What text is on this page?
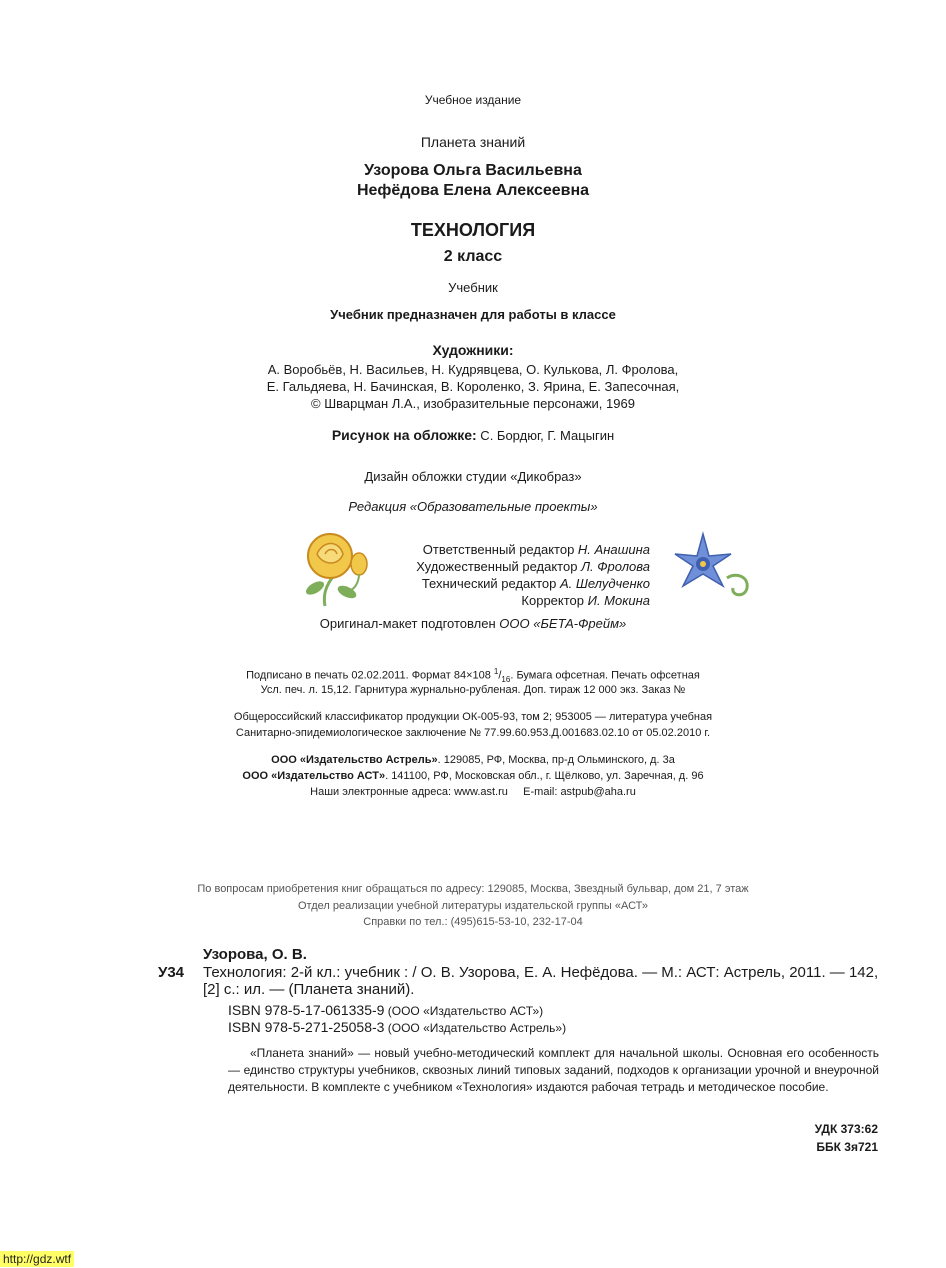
Учебное издание
Планета знаний
Узорова Ольга Васильевна
Нефёдова Елена Алексеевна
ТЕХНОЛОГИЯ
2 класс
Учебник
Учебник предназначен для работы в классе
Художники:
А. Воробьёв, Н. Васильев, Н. Кудрявцева, О. Кулькова, Л. Фролова,
Е. Гальдяева, Н. Бачинская, В. Короленко, З. Ярина, Е. Запесочная,
© Шварцман Л.А., изобразительные персонажи, 1969
Рисунок на обложке: С. Бордюг, Г. Мацыгин
Дизайн обложки студии «Дикобраз»
Редакция «Образовательные проекты»
Ответственный редактор Н. Анашина
Художественный редактор Л. Фролова
Технический редактор А. Шелудченко
Корректор И. Мокина
Оригинал-макет подготовлен ООО «БЕТА-Фрейм»
Подписано в печать 02.02.2011. Формат 84×108 $^1/_{16}$. Бумага офсетная. Печать офсетная
Усл. печ. л. 15,12. Гарнитура журнально-рубленая. Доп. тираж 12 000 экз. Заказ №
Общероссийский классификатор продукции ОК-005-93, том 2; 953005 — литература учебная
Санитарно-эпидемиологическое заключение № 77.99.60.953.Д.001683.02.10 от 05.02.2010 г.
ООО «Издательство Астрель». 129085, РФ, Москва, пр-д Ольминского, д. 3а
ООО «Издательство АСТ». 141100, РФ, Московская обл., г. Щёлково, ул. Заречная, д. 96
Наши электронные адреса: www.ast.ru     E-mail: astpub@aha.ru
По вопросам приобретения книг обращаться по адресу: 129085, Москва, Звездный бульвар, дом 21, 7 этаж
Отдел реализации учебной литературы издательской группы «АСТ»
Справки по тел.: (495)615-53-10, 232-17-04
Узорова, О. В.
У34 Технология: 2-й кл.: учебник : / О. В. Узорова, Е. А. Нефёдова. — М.: АСТ: Астрель, 2011. — 142,[2] с.: ил. — (Планета знаний).
ISBN 978-5-17-061335-9 (ООО «Издательство АСТ»)
ISBN 978-5-271-25058-3 (ООО «Издательство Астрель»)
«Планета знаний» — новый учебно-методический комплект для начальной школы. Основная его особенность — единство структуры учебников, сквозных линий типовых заданий, подходов к организации урочной и внеурочной деятельности. В комплекте с учебником «Технология» издаются рабочая тетрадь и методическое пособие.
УДК 373:62
ББК 3я721
http://gdz.wtf
